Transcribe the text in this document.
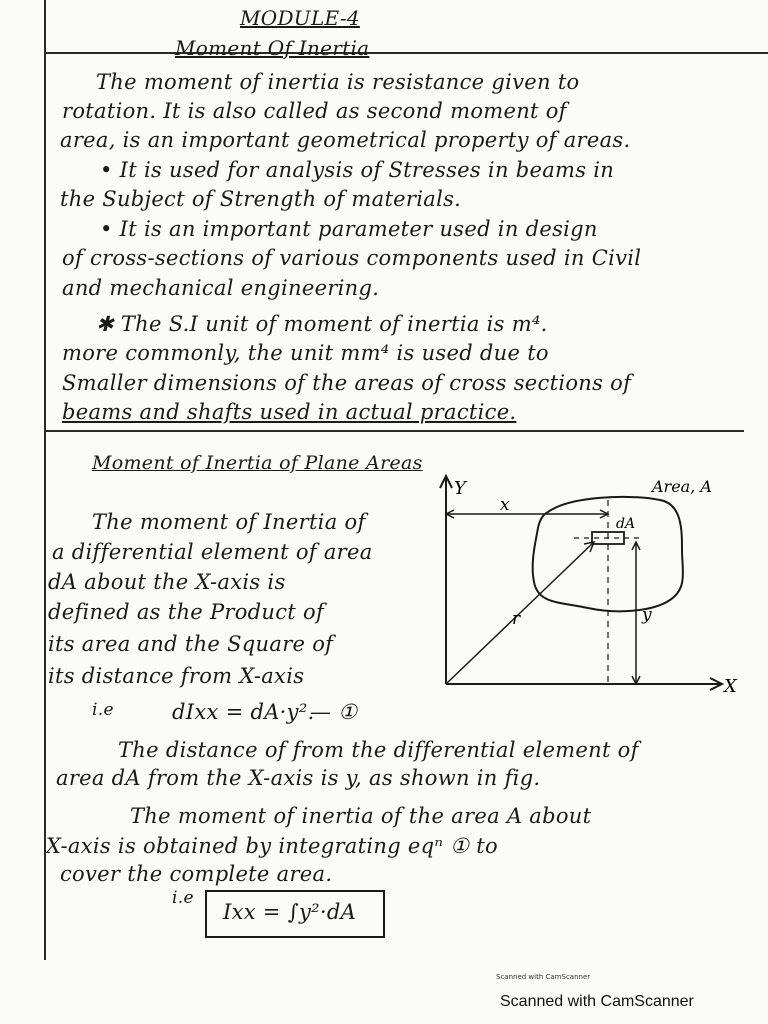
MODULE-4
Moment Of Inertia
The moment of inertia is resistance given to
rotation. It is also called as second moment of
area, is an important geometrical property of areas.
• It is used for analysis of Stresses in beams in
the Subject of Strength of materials.
• It is an important parameter used in design
of cross-sections of various components used in Civil
and mechanical engineering.
✱ The S.I unit of moment of inertia is m⁴.
more commonly, the unit mm⁴ is used due to
Smaller dimensions of the areas of cross sections of
beams and shafts used in actual practice.
Moment of Inertia of Plane Areas
The moment of Inertia of
a differential element of area
dA about the X-axis is
defined as the Product of
its area and the Square of
its distance from X-axis
i.e	dIxx = dA·y².
— ①
The distance of from the differential element of
area dA from the X-axis is y, as shown in fig.
The moment of inertia of the area A about
X-axis is obtained by integrating eqⁿ ① to
cover the complete area.
i.e
Ixx = ∫y²·dA
Y
X
Area, A
x
dA
y
r
Scanned with CamScanner
Scanned with CamScanner
